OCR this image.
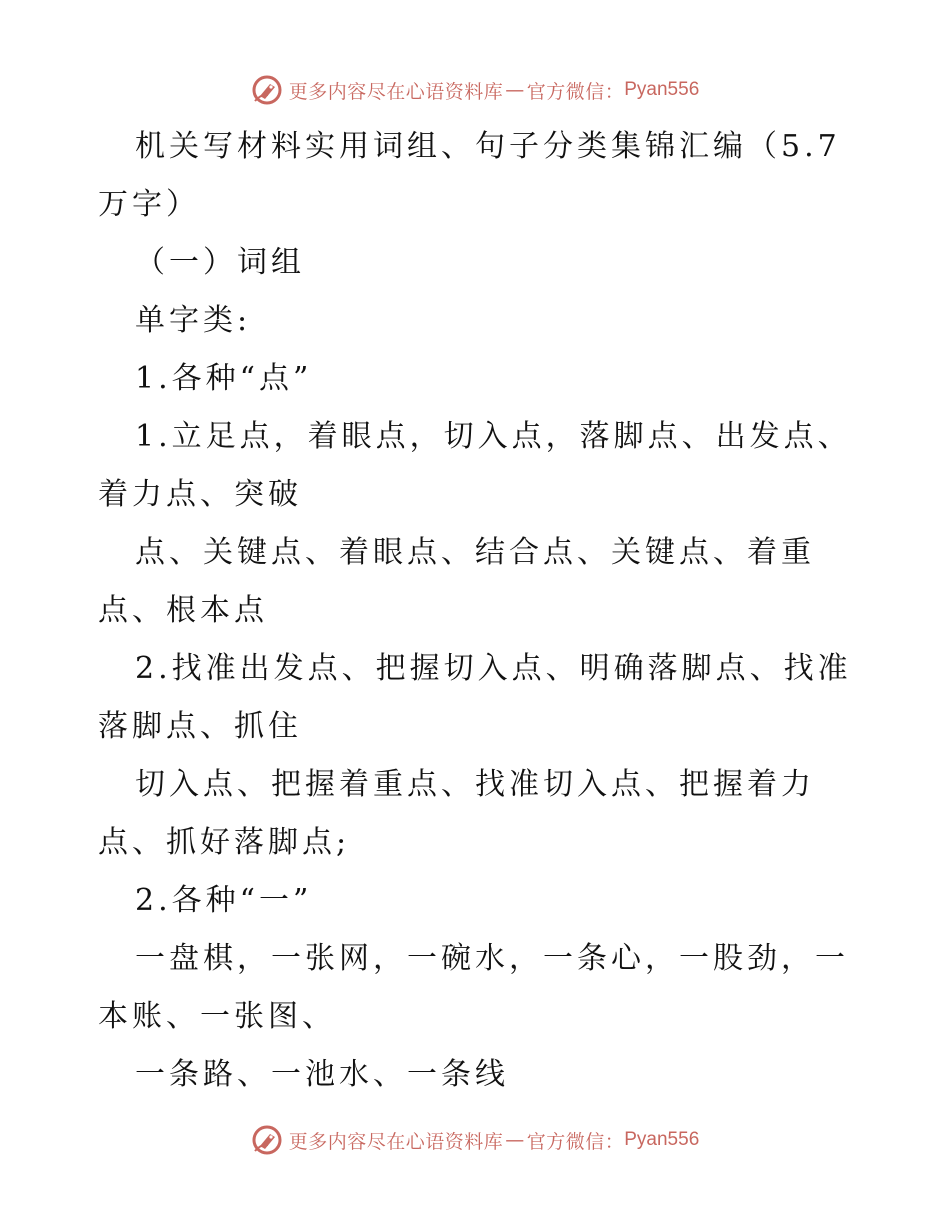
更多内容尽在心语资料库 — 官方微信： Pyan556
机关写材料实用词组、句子分类集锦汇编（5.7
万字）
（一）词组
单字类:
1.各种“点”
1.立足点，着眼点，切入点，落脚点、出发点、
着力点、突破
点、关键点、着眼点、结合点、关键点、着重
点、根本点
2.找准出发点、把握切入点、明确落脚点、找准
落脚点、抓住
切入点、把握着重点、找准切入点、把握着力
点、抓好落脚点;
2.各种“一”
一盘棋，一张网，一碗水，一条心，一股劲，一
本账、一张图、
一条路、一池水、一条线
更多内容尽在心语资料库 — 官方微信： Pyan556
